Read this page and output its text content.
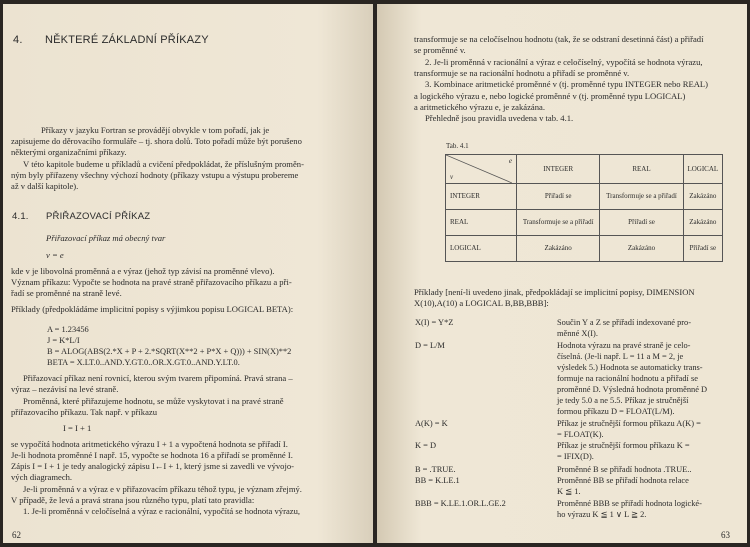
4. NĚKTERÉ ZÁKLADNÍ PŘÍKAZY
Příkazy v jazyku Fortran se provádějí obvykle v tom pořadí, jak je
zapisujeme do děrovacího formuláře – tj. shora dolů. Toto pořadí může být porušeno
některými organizačními příkazy.
V této kapitole budeme u příkladů a cvičení předpokládat, že příslušným proměn-
ným byly přiřazeny všechny výchozí hodnoty (příkazy vstupu a výstupu probereme
až v další kapitole).
4.1. PŘIŘAZOVACÍ PŘÍKAZ
Přiřazovací příkaz má obecný tvar
v = e
kde v je libovolná proměnná a e výraz (jehož typ závisí na proměnné vlevo).
Význam příkazu: Vypočte se hodnota na pravé straně přiřazovacího příkazu a při-
řadí se proměnné na straně levé.
Příklady (předpokládáme implicitní popisy s výjimkou popisu LOGICAL BETA):
A = 1.23456
J = K*L/I
B = ALOG(ABS(2.*X + P + 2.*SQRT(X**2 + P*X + Q))) + SIN(X)**2
BETA = X.LT.0..AND.Y.GT.0..OR.X.GT.0..AND.Y.LT.0.
Přiřazovací příkaz není rovnicí, kterou svým tvarem připomíná. Pravá strana –
výraz – nezávisí na levé straně.
Proměnná, které přiřazujeme hodnotu, se může vyskytovat i na pravé straně
přiřazovacího příkazu. Tak např. v příkazu
I = I + 1
se vypočítá hodnota aritmetického výrazu I + 1 a vypočtená hodnota se přiřadí I.
Je-li hodnota proměnné I např. 15, vypočte se hodnota 16 a přiřadí se proměnné I.
Zápis I = I + 1 je tedy analogický zápisu I←I + 1, který jsme si zavedli ve vývojo-
vých diagramech.
Je-li proměnná v a výraz e v přiřazovacím příkazu téhož typu, je význam zřejmý.
V případě, že levá a pravá strana jsou různého typu, platí tato pravidla:
1. Je-li proměnná v celočíselná a výraz e racionální, vypočítá se hodnota výrazu,
62
transformuje se na celočíselnou hodnotu (tak, že se odstraní desetinná část) a přiřadí
se proměnné v.
2. Je-li proměnná v racionální a výraz e celočíselný, vypočítá se hodnota výrazu,
transformuje se na racionální hodnotu a přiřadí se proměnné v.
3. Kombinace aritmetické proměnné v (tj. proměnné typu INTEGER nebo REAL)
a logického výrazu e, nebo logické proměnné v (tj. proměnné typu LOGICAL)
a aritmetického výrazu e, je zakázána.
Přehledně jsou pravidla uvedena v tab. 4.1.
Tab. 4.1
e
v	INTEGER	REAL	LOGICAL
INTEGER	Přiřadí se	Transformuje se a přiřadí	Zakázáno
REAL	Transformuje se a přiřadí	Přiřadí se	Zakázáno
LOGICAL	Zakázáno	Zakázáno	Přiřadí se
Příklady [není-li uvedeno jinak, předpokládají se implicitní popisy, DIMENSION
X(10),A(10) a LOGICAL B,BB,BBB]:
X(I) = Y*Z	Součin Y a Z se přiřadí indexované pro-
měnné X(I).
D = L/M	Hodnota výrazu na pravé straně je celo-
číselná. (Je-li např. L = 11 a M = 2, je
výsledek 5.) Hodnota se automaticky trans-
formuje na racionální hodnotu a přiřadí se
proměnné D. Výsledná hodnota proměnné D
je tedy 5.0 a ne 5.5. Příkaz je stručnější
formou příkazu D = FLOAT(L/M).
A(K) = K	Příkaz je stručnější formou příkazu A(K) =
= FLOAT(K).
K = D	Příkaz je stručnější formou příkazu K =
= IFIX(D).
B = .TRUE.	Proměnné B se přiřadí hodnota .TRUE..
BB = K.LE.1	Proměnné BB se přiřadí hodnota relace
K ≦ 1.
BBB = K.LE.1.OR.L.GE.2	Proměnné BBB se přiřadí hodnota logické-
ho výrazu K ≦ 1 ∨ L ≧ 2.
63
